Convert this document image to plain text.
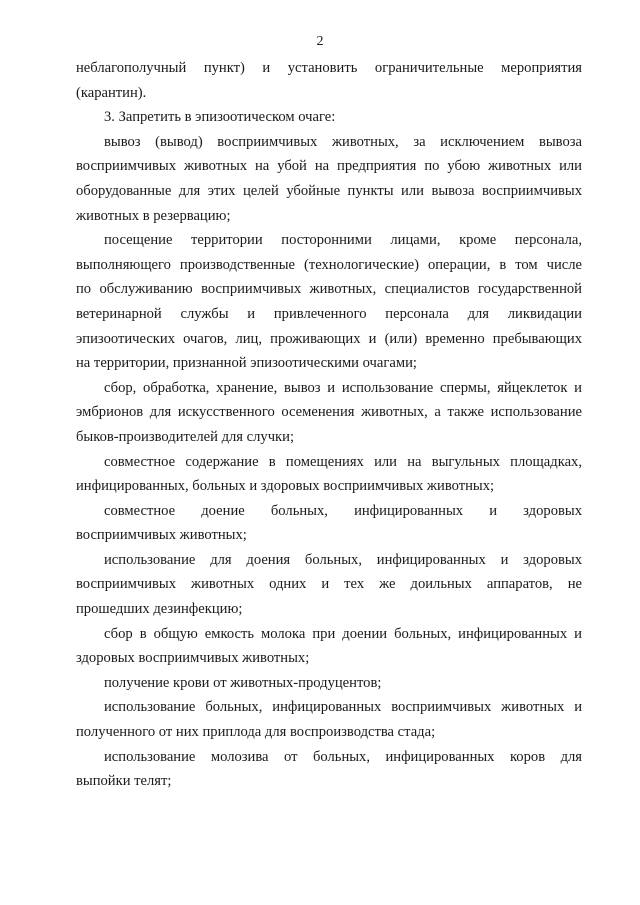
2
неблагополучный пункт) и установить ограничительные мероприятия
(карантин).
3. Запретить в эпизоотическом очаге:
вывоз (вывод) восприимчивых животных, за исключением вывоза
восприимчивых животных на убой на предприятия по убою животных или
оборудованные для этих целей убойные пункты или вывоза восприимчивых
животных в резервацию;
посещение территории посторонними лицами, кроме персонала,
выполняющего производственные (технологические) операции, в том числе
по обслуживанию восприимчивых животных, специалистов государственной
ветеринарной службы и привлеченного персонала для ликвидации
эпизоотических очагов, лиц, проживающих и (или) временно пребывающих
на территории, признанной эпизоотическими очагами;
сбор, обработка, хранение, вывоз и использование спермы, яйцеклеток и
эмбрионов для искусственного осеменения животных, а также использование
быков-производителей для случки;
совместное содержание в помещениях или на выгульных площадках,
инфицированных, больных и здоровых восприимчивых животных;
совместное доение больных, инфицированных и здоровых
восприимчивых животных;
использование для доения больных, инфицированных и здоровых
восприимчивых животных одних и тех же доильных аппаратов, не
прошедших дезинфекцию;
сбор в общую емкость молока при доении больных, инфицированных и
здоровых восприимчивых животных;
получение крови от животных-продуцентов;
использование больных, инфицированных восприимчивых животных и
полученного от них приплода для воспроизводства стада;
использование молозива от больных, инфицированных коров для
выпойки телят;
